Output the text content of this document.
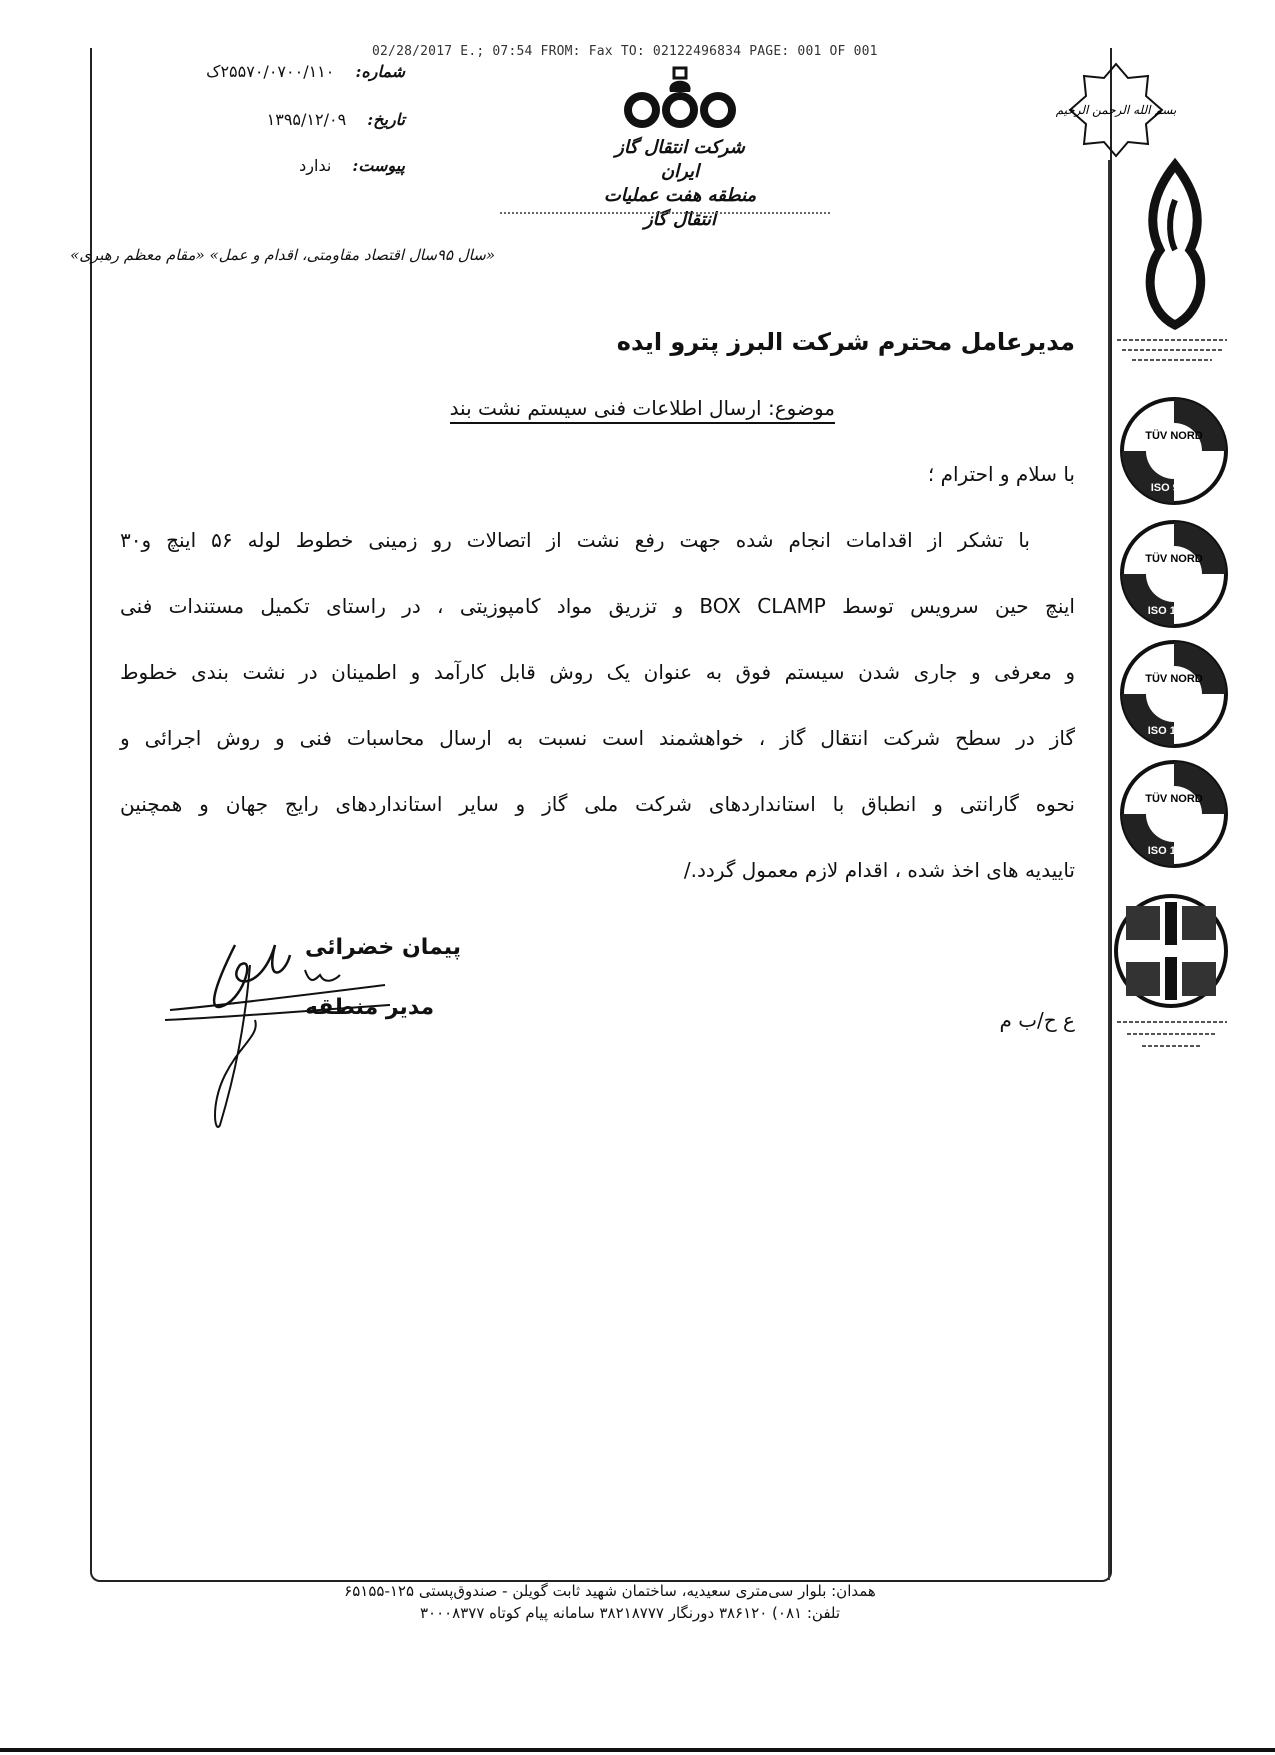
02/28/2017 E.; 07:54 FROM: Fax TO: 02122496834 PAGE: 001 OF 001
شماره: ۲۵۵۷۰/۰۷۰۰/۱۱۰ک
تاریخ: ۱۳۹۵/۱۲/۰۹
پیوست: ندارد
شرکت انتقال گاز ایران
منطقه هفت عملیات انتقال گاز
«سال ۹۵سال اقتصاد مقاومتی، اقدام و عمل» «مقام معظم رهبری»
مدیرعامل محترم شرکت البرز پترو ایده
موضوع: ارسال اطلاعات فنی سیستم نشت بند
با سلام و احترام ؛
با تشکر از اقدامات انجام شده جهت رفع نشت از اتصالات رو زمینی خطوط لوله ۵۶ اینچ و۳۰
اینچ حین سرویس توسط BOX CLAMP و تزریق مواد کامپوزیتی ، در راستای تکمیل مستندات فنی
و معرفی و جاری شدن سیستم فوق به عنوان یک روش قابل کارآمد و اطمینان در نشت بندی خطوط
گاز در سطح شرکت انتقال گاز ، خواهشمند است نسبت به ارسال محاسبات فنی و روش اجرائی و
نحوه گارانتی و انطباق با استانداردهای شرکت ملی گاز و سایر استانداردهای رایج جهان و همچنین
تاییدیه های اخذ شده ، اقدام لازم معمول گردد./
پیمان خضرائی
مدیر منطقه	ع ح/ب م
همدان: بلوار سی‌متری سعیدیه، ساختمان شهید ثابت گویلن - صندوق‌پستی ۱۲۵-۶۵۱۵۵
تلفن: ۰۸۱) ۳۸۶۱۲۰ دورنگار ۳۸۲۱۸۷۷۷ سامانه پیام کوتاه ۳۰۰۰۸۳۷۷
بسم الله الرحمن الرحیم
TÜV NORD
ISO 9001
TÜV NORD
ISO 14001
TÜV NORD
ISO 18001
TÜV NORD
ISO 10015
